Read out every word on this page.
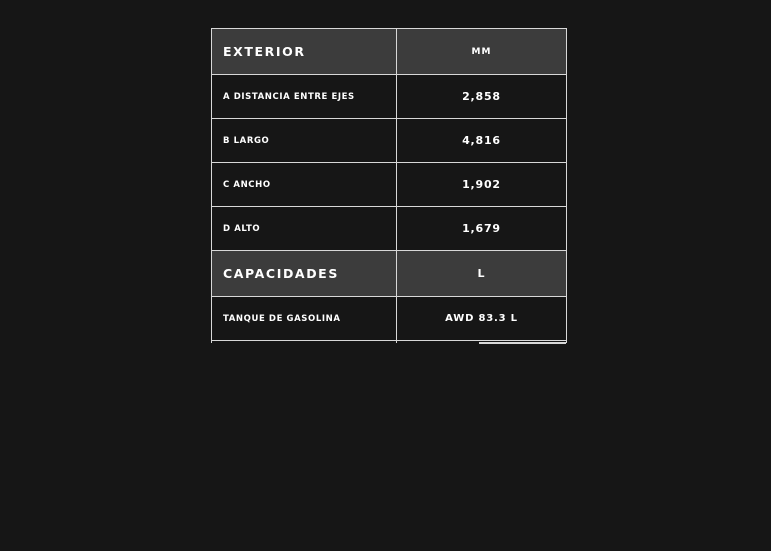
EXTERIOR	MM
A DISTANCIA ENTRE EJES	2,858
B LARGO	4,816
C ANCHO	1,902
D ALTO	1,679
CAPACIDADES	L
TANQUE DE GASOLINA	AWD 83.3 L
